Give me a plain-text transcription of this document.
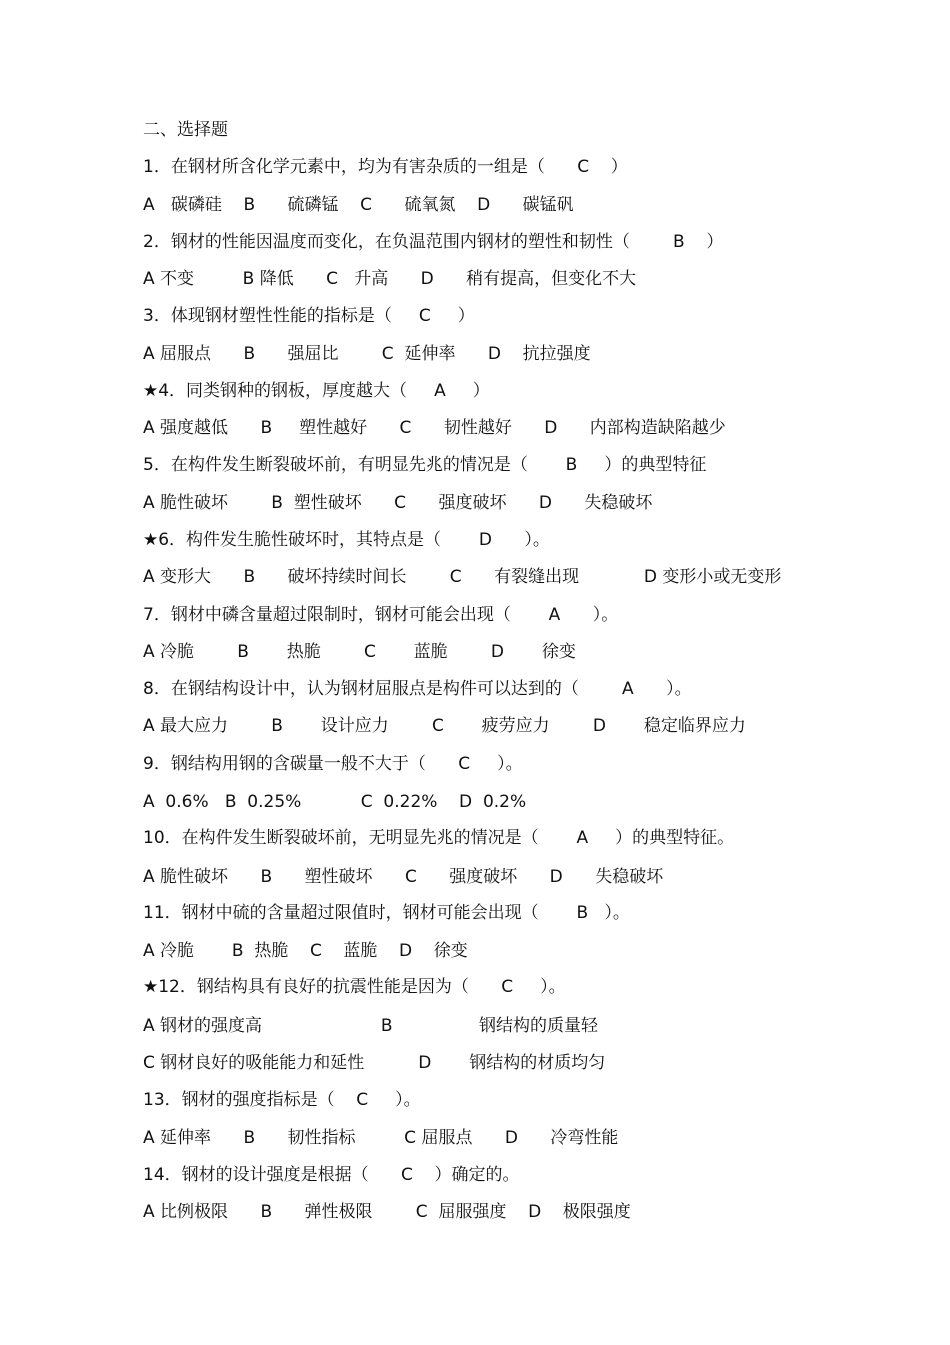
二、选择题
1．在钢材所含化学元素中，均为有害杂质的一组是（      C    ）
A   碳磷硅    B      硫磷锰    C      硫氧氮    D      碳锰矾
2．钢材的性能因温度而变化，在负温范围内钢材的塑性和韧性（        B    ）
A 不变         B 降低      C   升高      D      稍有提高，但变化不大
3．体现钢材塑性性能的指标是（     C     ）
A 屈服点      B      强屈比        C  延伸率      D    抗拉强度
★4．同类钢种的钢板，厚度越大（     A     ）
A 强度越低      B     塑性越好      C      韧性越好      D      内部构造缺陷越少
5．在构件发生断裂破坏前，有明显先兆的情况是（       B     ）的典型特征
A 脆性破坏        B  塑性破坏      C      强度破坏      D      失稳破坏
★6．构件发生脆性破坏时，其特点是（       D      ）。
A 变形大      B      破坏持续时间长        C      有裂缝出现            D 变形小或无变形
7．钢材中磷含量超过限制时，钢材可能会出现（       A      ）。
A 冷脆        B       热脆        C       蓝脆        D       徐变
8．在钢结构设计中，认为钢材屈服点是构件可以达到的（        A      ）。
A 最大应力        B       设计应力        C       疲劳应力        D       稳定临界应力
9．钢结构用钢的含碳量一般不大于（      C     ）。
A  0.6%   B  0.25%           C  0.22%    D  0.2%
10．在构件发生断裂破坏前，无明显先兆的情况是（       A     ）的典型特征。
A 脆性破坏      B      塑性破坏      C      强度破坏      D      失稳破坏
11．钢材中硫的含量超过限值时，钢材可能会出现（       B   ）。
A 冷脆       B  热脆    C    蓝脆    D    徐变
★12．钢结构具有良好的抗震性能是因为（      C     ）。
A 钢材的强度高                      B                钢结构的质量轻
C 钢材良好的吸能能力和延性          D       钢结构的材质均匀
13．钢材的强度指标是（    C     ）。
A 延伸率      B      韧性指标         C 屈服点      D      冷弯性能
14．钢材的设计强度是根据（      C    ）确定的。
A 比例极限      B      弹性极限        C  屈服强度    D    极限强度
